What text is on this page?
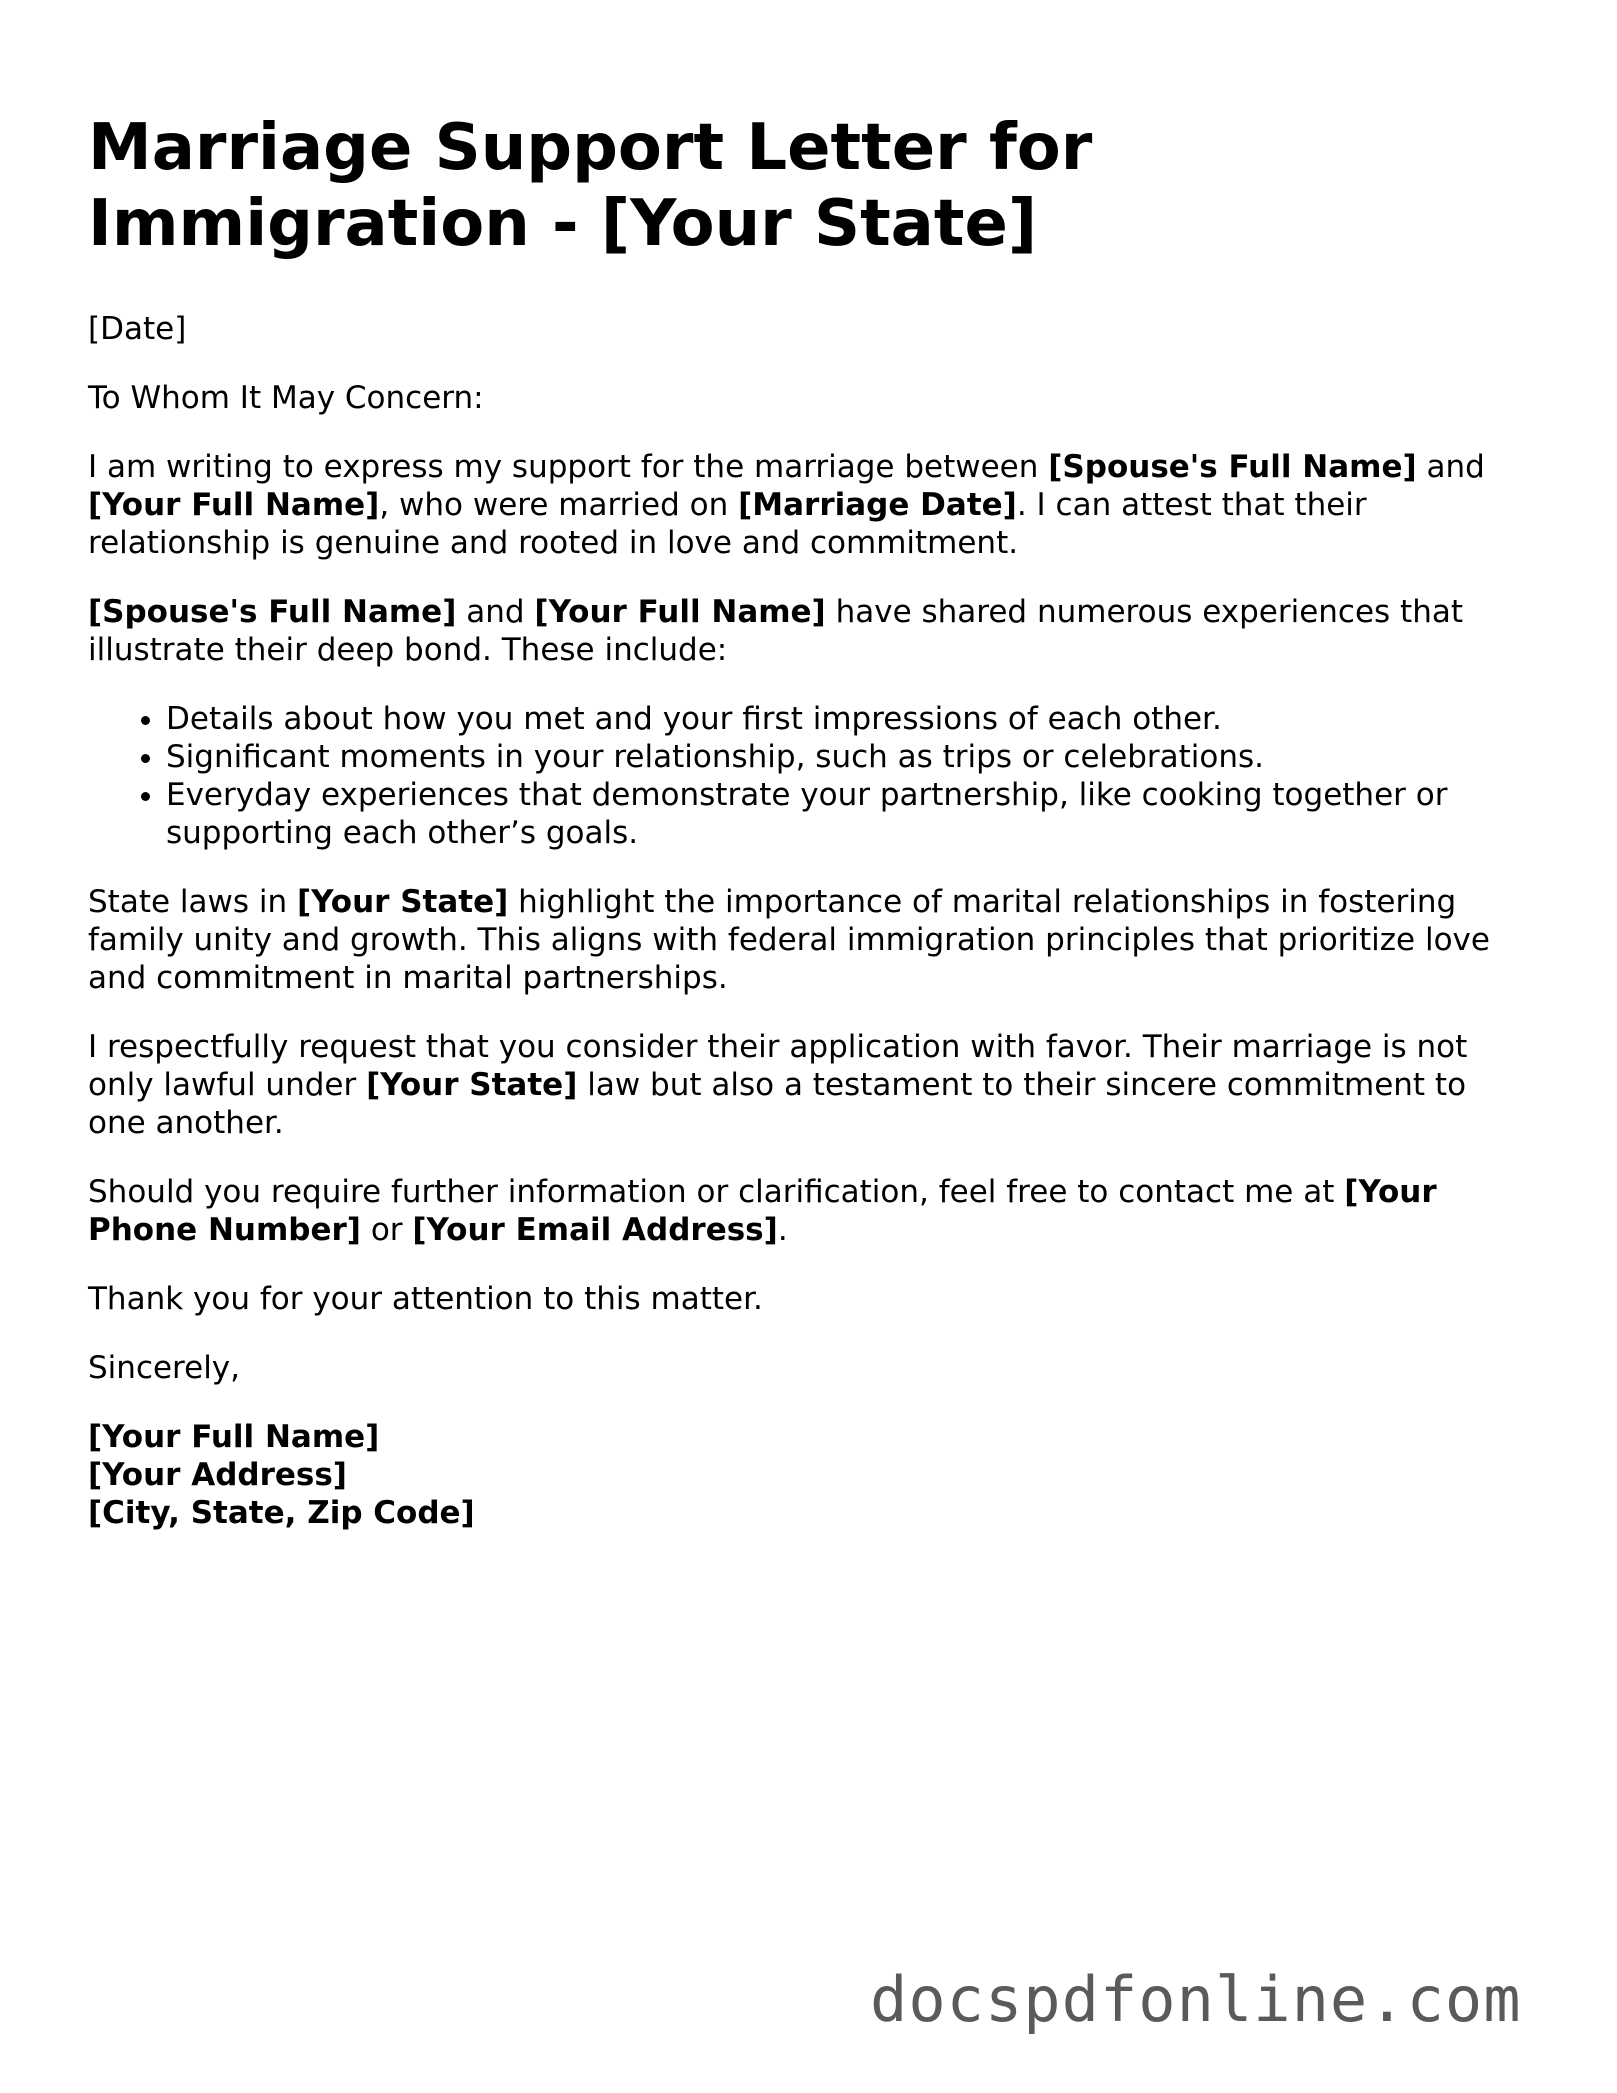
Marriage Support Letter for Immigration - [Your State]

[Date]

To Whom It May Concern:

I am writing to express my support for the marriage between [Spouse's Full Name] and [Your Full Name], who were married on [Marriage Date]. I can attest that their relationship is genuine and rooted in love and commitment.

[Spouse's Full Name] and [Your Full Name] have shared numerous experiences that illustrate their deep bond. These include:

• Details about how you met and your first impressions of each other.
• Significant moments in your relationship, such as trips or celebrations.
• Everyday experiences that demonstrate your partnership, like cooking together or supporting each other’s goals.

State laws in [Your State] highlight the importance of marital relationships in fostering family unity and growth. This aligns with federal immigration principles that prioritize love and commitment in marital partnerships.

I respectfully request that you consider their application with favor. Their marriage is not only lawful under [Your State] law but also a testament to their sincere commitment to one another.

Should you require further information or clarification, feel free to contact me at [Your Phone Number] or [Your Email Address].

Thank you for your attention to this matter.

Sincerely,

[Your Full Name]

[Your Address]

[City, State, Zip Code]

docspdfonline.com
